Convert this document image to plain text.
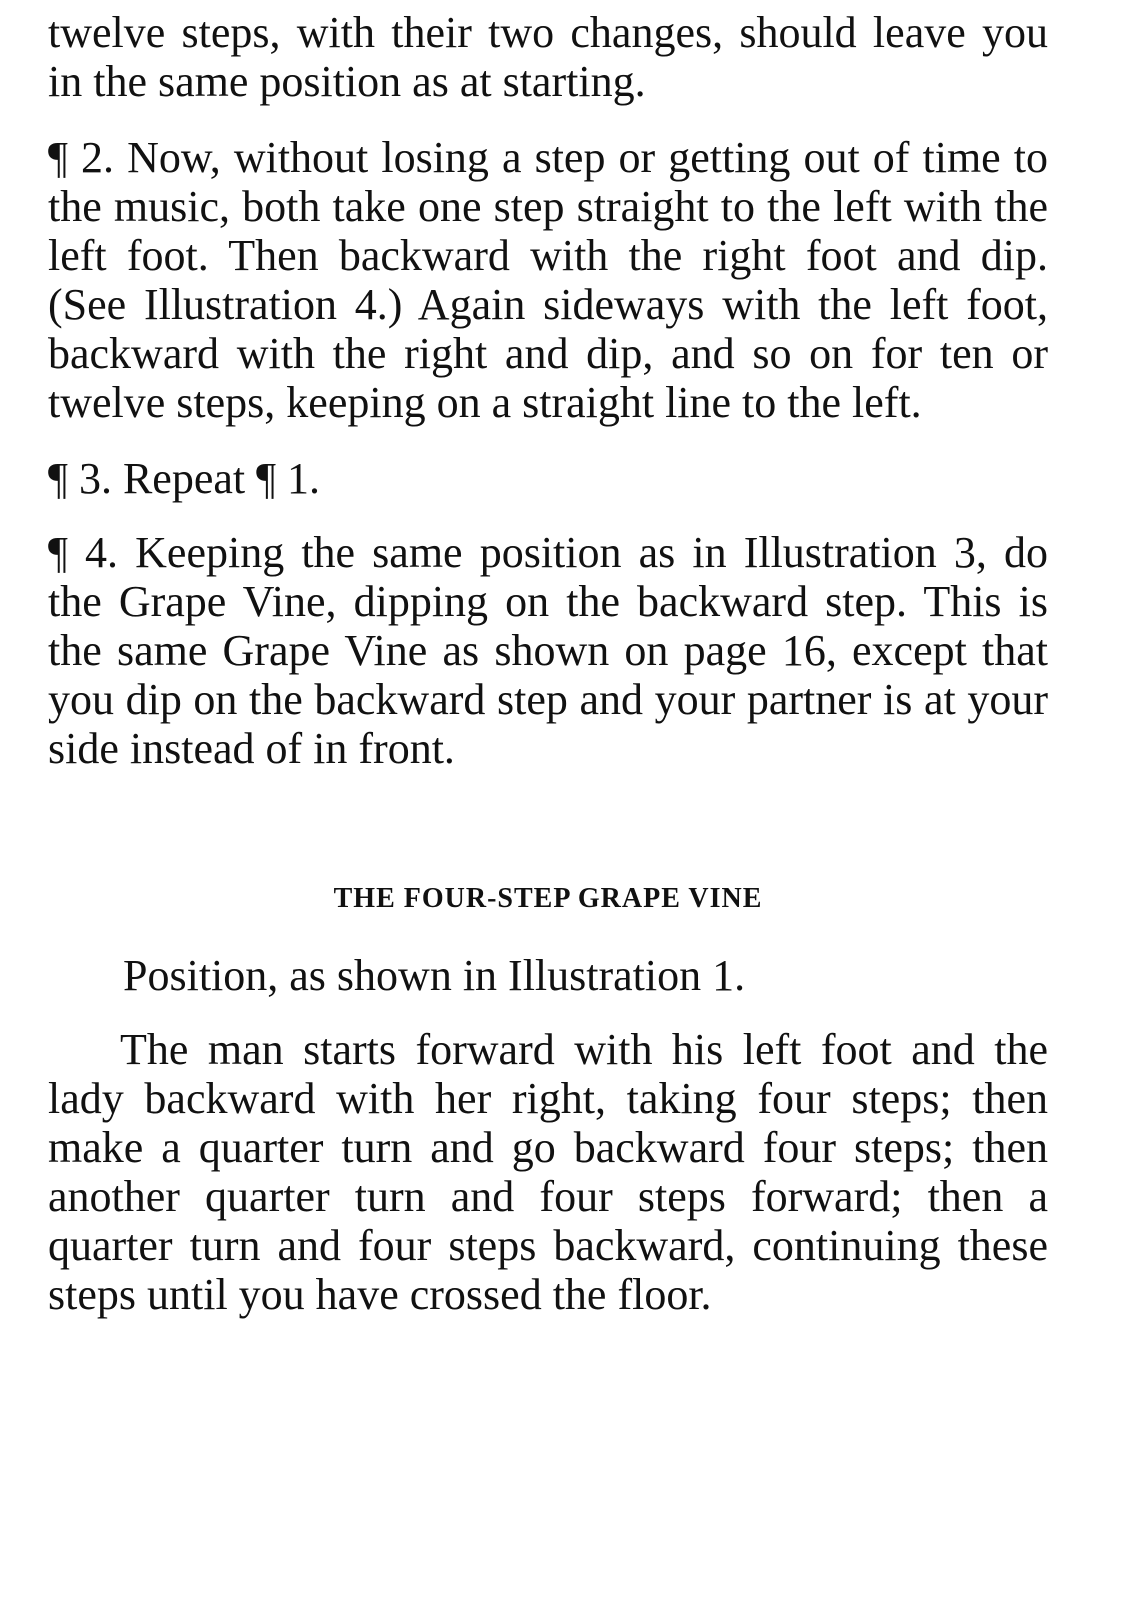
twelve steps, with their two changes, should leave you in the same position as at starting.

¶ 2. Now, without losing a step or getting out of time to the music, both take one step straight to the left with the left foot. Then backward with the right foot and dip. (See Illustration 4.) Again sideways with the left foot, backward with the right and dip, and so on for ten or twelve steps, keeping on a straight line to the left.

¶ 3. Repeat ¶ 1.

¶ 4. Keeping the same position as in Illustration 3, do the Grape Vine, dipping on the backward step. This is the same Grape Vine as shown on page 16, except that you dip on the backward step and your partner is at your side instead of in front.

THE FOUR-STEP GRAPE VINE

Position, as shown in Illustration 1.

The man starts forward with his left foot and the lady backward with her right, taking four steps; then make a quarter turn and go backward four steps; then another quarter turn and four steps forward; then a quarter turn and four steps backward, continuing these steps until you have crossed the floor.
